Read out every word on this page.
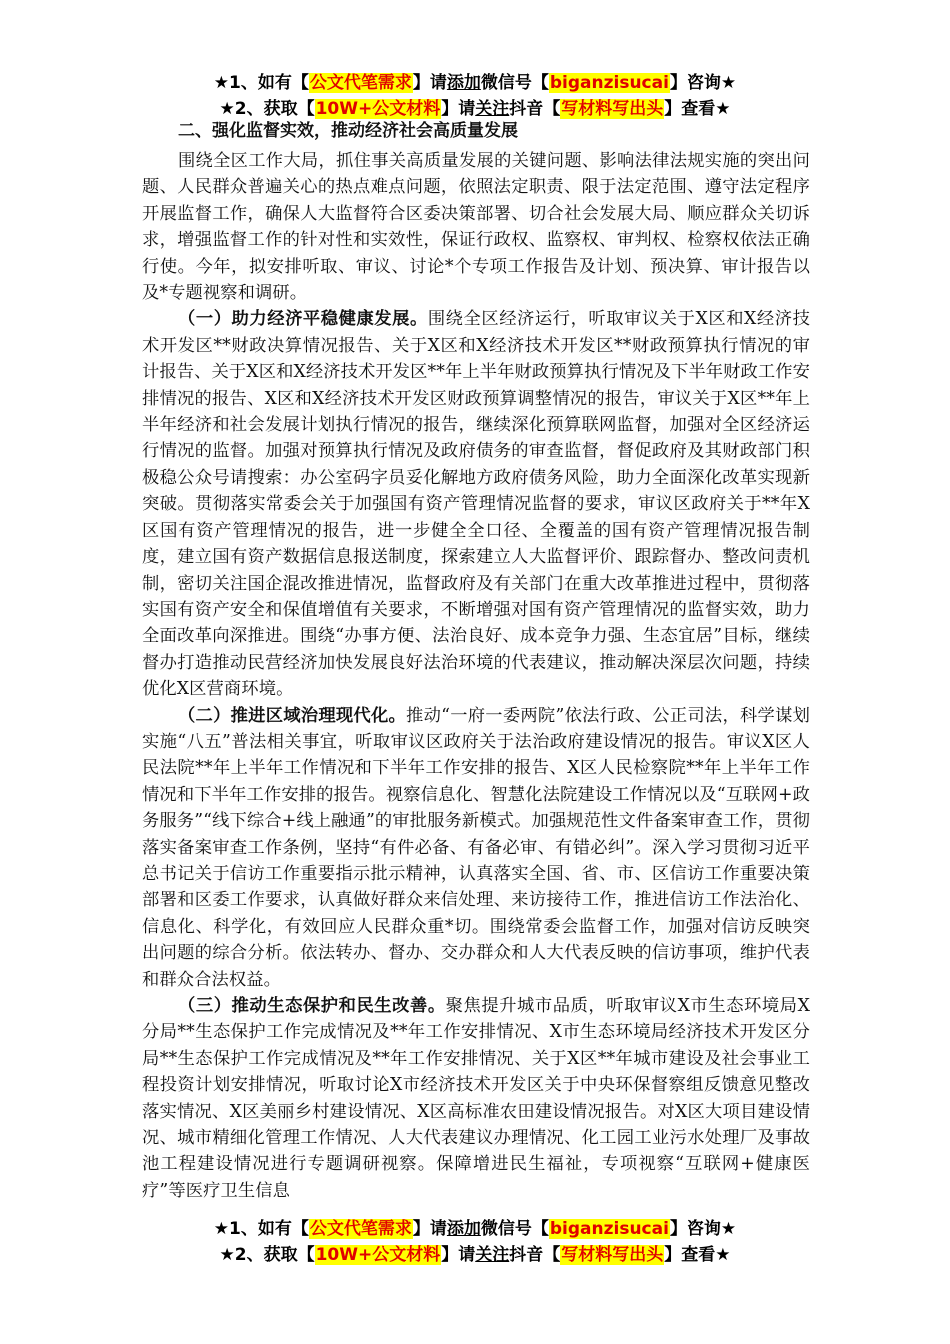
★1、如有【公文代笔需求】请添加微信号【biganzisucai】咨询★
★2、获取【10W+公文材料】请关注抖音【写材料写出头】查看★
二、强化监督实效，推动经济社会高质量发展

围绕全区工作大局，抓住事关高质量发展的关键问题、影响法律法规实施的突出问题、人民群众普遍关心的热点难点问题，依照法定职责、限于法定范围、遵守法定程序开展监督工作，确保人大监督符合区委决策部署、切合社会发展大局、顺应群众关切诉求，增强监督工作的针对性和实效性，保证行政权、监察权、审判权、检察权依法正确行使。今年，拟安排听取、审议、讨论*个专项工作报告及计划、预决算、审计报告以及*专题视察和调研。

（一）助力经济平稳健康发展。围绕全区经济运行，听取审议关于X区和X经济技术开发区**财政决算情况报告、关于X区和X经济技术开发区**财政预算执行情况的审计报告、关于X区和X经济技术开发区**年上半年财政预算执行情况及下半年财政工作安排情况的报告、X区和X经济技术开发区财政预算调整情况的报告，审议关于X区**年上半年经济和社会发展计划执行情况的报告，继续深化预算联网监督，加强对全区经济运行情况的监督。加强对预算执行情况及政府债务的审查监督，督促政府及其财政部门积极稳公众号请搜索：办公室码字员妥化解地方政府债务风险，助力全面深化改革实现新突破。贯彻落实常委会关于加强国有资产管理情况监督的要求，审议区政府关于**年X区国有资产管理情况的报告，进一步健全全口径、全覆盖的国有资产管理情况报告制度，建立国有资产数据信息报送制度，探索建立人大监督评价、跟踪督办、整改问责机制，密切关注国企混改推进情况，监督政府及有关部门在重大改革推进过程中，贯彻落实国有资产安全和保值增值有关要求，不断增强对国有资产管理情况的监督实效，助力全面改革向深推进。围绕“办事方便、法治良好、成本竞争力强、生态宜居”目标，继续督办打造推动民营经济加快发展良好法治环境的代表建议，推动解决深层次问题，持续优化X区营商环境。

（二）推进区域治理现代化。推动“一府一委两院”依法行政、公正司法，科学谋划实施“八五”普法相关事宜，听取审议区政府关于法治政府建设情况的报告。审议X区人民法院**年上半年工作情况和下半年工作安排的报告、X区人民检察院**年上半年工作情况和下半年工作安排的报告。视察信息化、智慧化法院建设工作情况以及“互联网+政务服务”“线下综合+线上融通”的审批服务新模式。加强规范性文件备案审查工作，贯彻落实备案审查工作条例，坚持“有件必备、有备必审、有错必纠”。深入学习贯彻习近平总书记关于信访工作重要指示批示精神，认真落实全国、省、市、区信访工作重要决策部署和区委工作要求，认真做好群众来信处理、来访接待工作，推进信访工作法治化、信息化、科学化，有效回应人民群众重*切。围绕常委会监督工作，加强对信访反映突出问题的综合分析。依法转办、督办、交办群众和人大代表反映的信访事项，维护代表和群众合法权益。

（三）推动生态保护和民生改善。聚焦提升城市品质，听取审议X市生态环境局X分局**生态保护工作完成情况及**年工作安排情况、X市生态环境局经济技术开发区分局**生态保护工作完成情况及**年工作安排情况、关于X区**年城市建设及社会事业工程投资计划安排情况，听取讨论X市经济技术开发区关于中央环保督察组反馈意见整改落实情况、X区美丽乡村建设情况、X区高标准农田建设情况报告。对X区大项目建设情况、城市精细化管理工作情况、人大代表建议办理情况、化工园工业污水处理厂及事故池工程建设情况进行专题调研视察。保障增进民生福祉，专项视察“互联网+健康医疗”等医疗卫生信息

★1、如有【公文代笔需求】请添加微信号【biganzisucai】咨询★
★2、获取【10W+公文材料】请关注抖音【写材料写出头】查看★
